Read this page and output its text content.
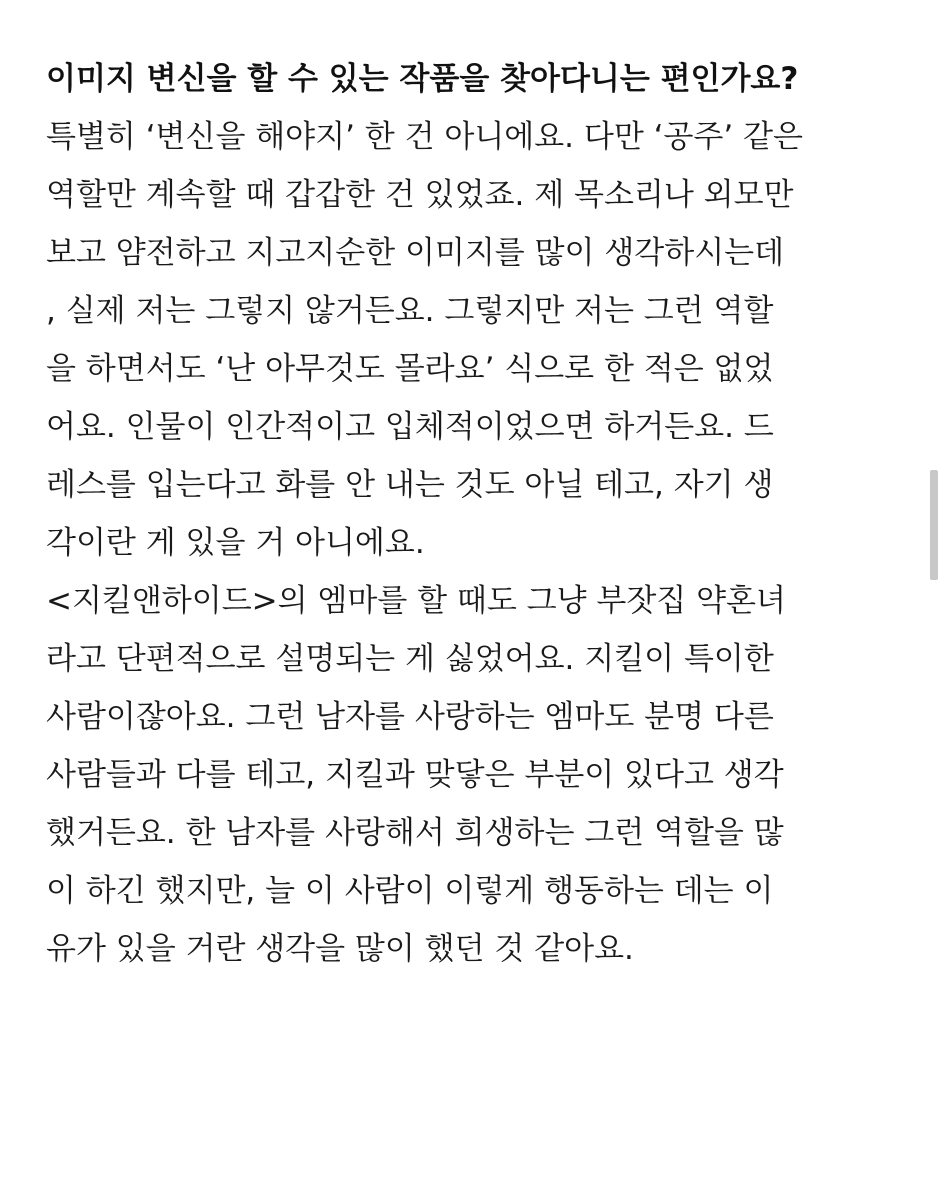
이미지 변신을 할 수 있는 작품을 찾아다니는 편인가요?
특별히 ‘변신을 해야지’ 한 건 아니에요. 다만 ‘공주’ 같은
역할만 계속할 때 갑갑한 건 있었죠. 제 목소리나 외모만
보고 얌전하고 지고지순한 이미지를 많이 생각하시는데
, 실제 저는 그렇지 않거든요. 그렇지만 저는 그런 역할
을 하면서도 ‘난 아무것도 몰라요’ 식으로 한 적은 없었
어요. 인물이 인간적이고 입체적이었으면 하거든요. 드
레스를 입는다고 화를 안 내는 것도 아닐 테고, 자기 생
각이란 게 있을 거 아니에요.
<지킬앤하이드>의 엠마를 할 때도 그냥 부잣집 약혼녀
라고 단편적으로 설명되는 게 싫었어요. 지킬이 특이한
사람이잖아요. 그런 남자를 사랑하는 엠마도 분명 다른
사람들과 다를 테고, 지킬과 맞닿은 부분이 있다고 생각
했거든요. 한 남자를 사랑해서 희생하는 그런 역할을 많
이 하긴 했지만, 늘 이 사람이 이렇게 행동하는 데는 이
유가 있을 거란 생각을 많이 했던 것 같아요.
